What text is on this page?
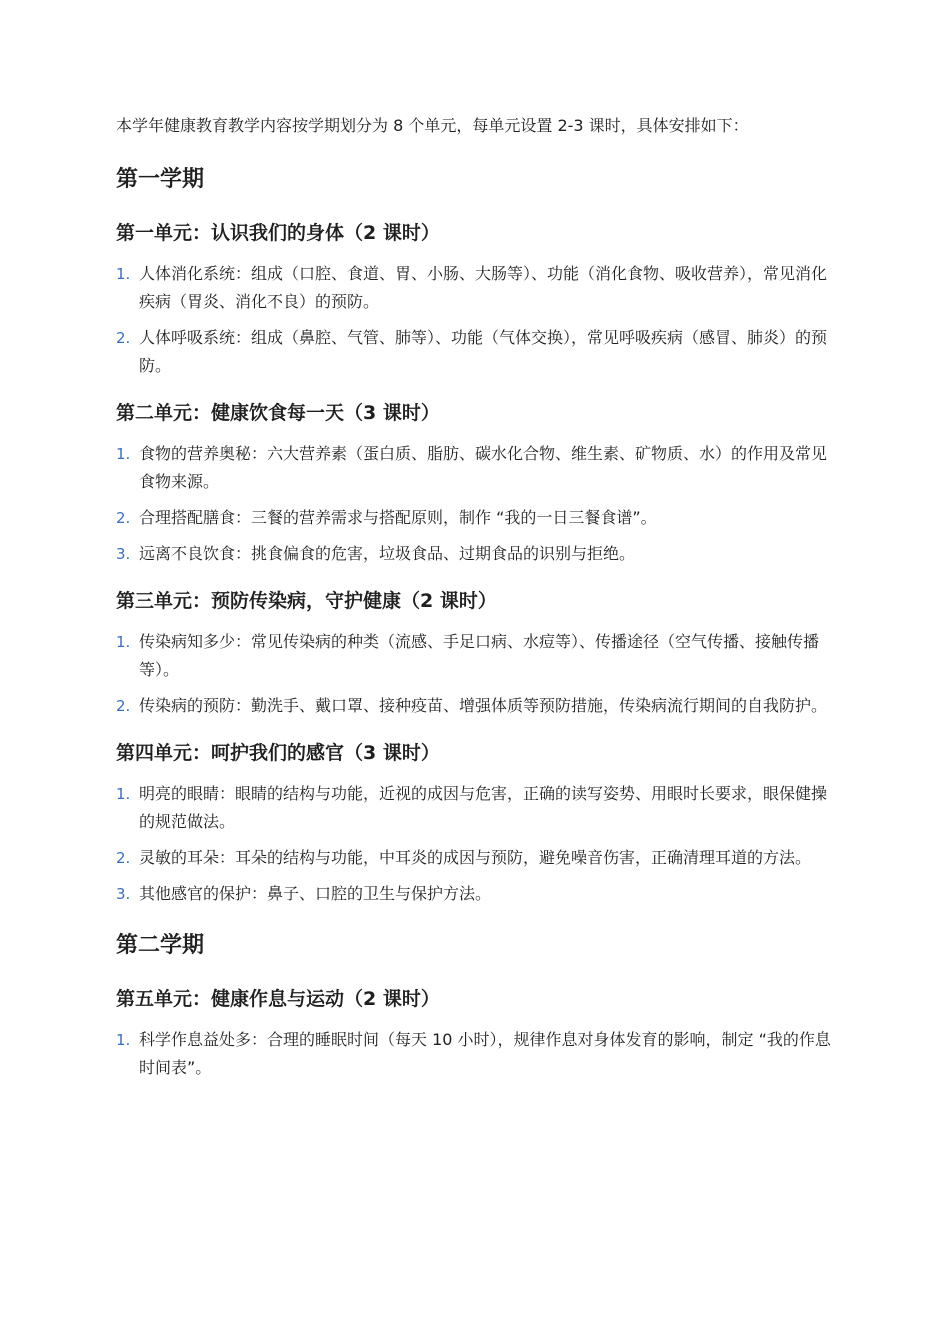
本学年健康教育教学内容按学期划分为 8 个单元，每单元设置 2-3 课时，具体安排如下：

第一学期
第一单元：认识我们的身体（2 课时）
1. 人体消化系统：组成（口腔、食道、胃、小肠、大肠等）、功能（消化食物、吸收营养），常见消化疾病（胃炎、消化不良）的预防。
2. 人体呼吸系统：组成（鼻腔、气管、肺等）、功能（气体交换），常见呼吸疾病（感冒、肺炎）的预防。
第二单元：健康饮食每一天（3 课时）
1. 食物的营养奥秘：六大营养素（蛋白质、脂肪、碳水化合物、维生素、矿物质、水）的作用及常见食物来源。
2. 合理搭配膳食：三餐的营养需求与搭配原则，制作 “我的一日三餐食谱”。
3. 远离不良饮食：挑食偏食的危害，垃圾食品、过期食品的识别与拒绝。
第三单元：预防传染病，守护健康（2 课时）
1. 传染病知多少：常见传染病的种类（流感、手足口病、水痘等）、传播途径（空气传播、接触传播等）。
2. 传染病的预防：勤洗手、戴口罩、接种疫苗、增强体质等预防措施，传染病流行期间的自我防护。
第四单元：呵护我们的感官（3 课时）
1. 明亮的眼睛：眼睛的结构与功能，近视的成因与危害，正确的读写姿势、用眼时长要求，眼保健操的规范做法。
2. 灵敏的耳朵：耳朵的结构与功能，中耳炎的成因与预防，避免噪音伤害，正确清理耳道的方法。
3. 其他感官的保护：鼻子、口腔的卫生与保护方法。
第二学期
第五单元：健康作息与运动（2 课时）
1. 科学作息益处多：合理的睡眠时间（每天 10 小时），规律作息对身体发育的影响，制定 “我的作息时间表”。
